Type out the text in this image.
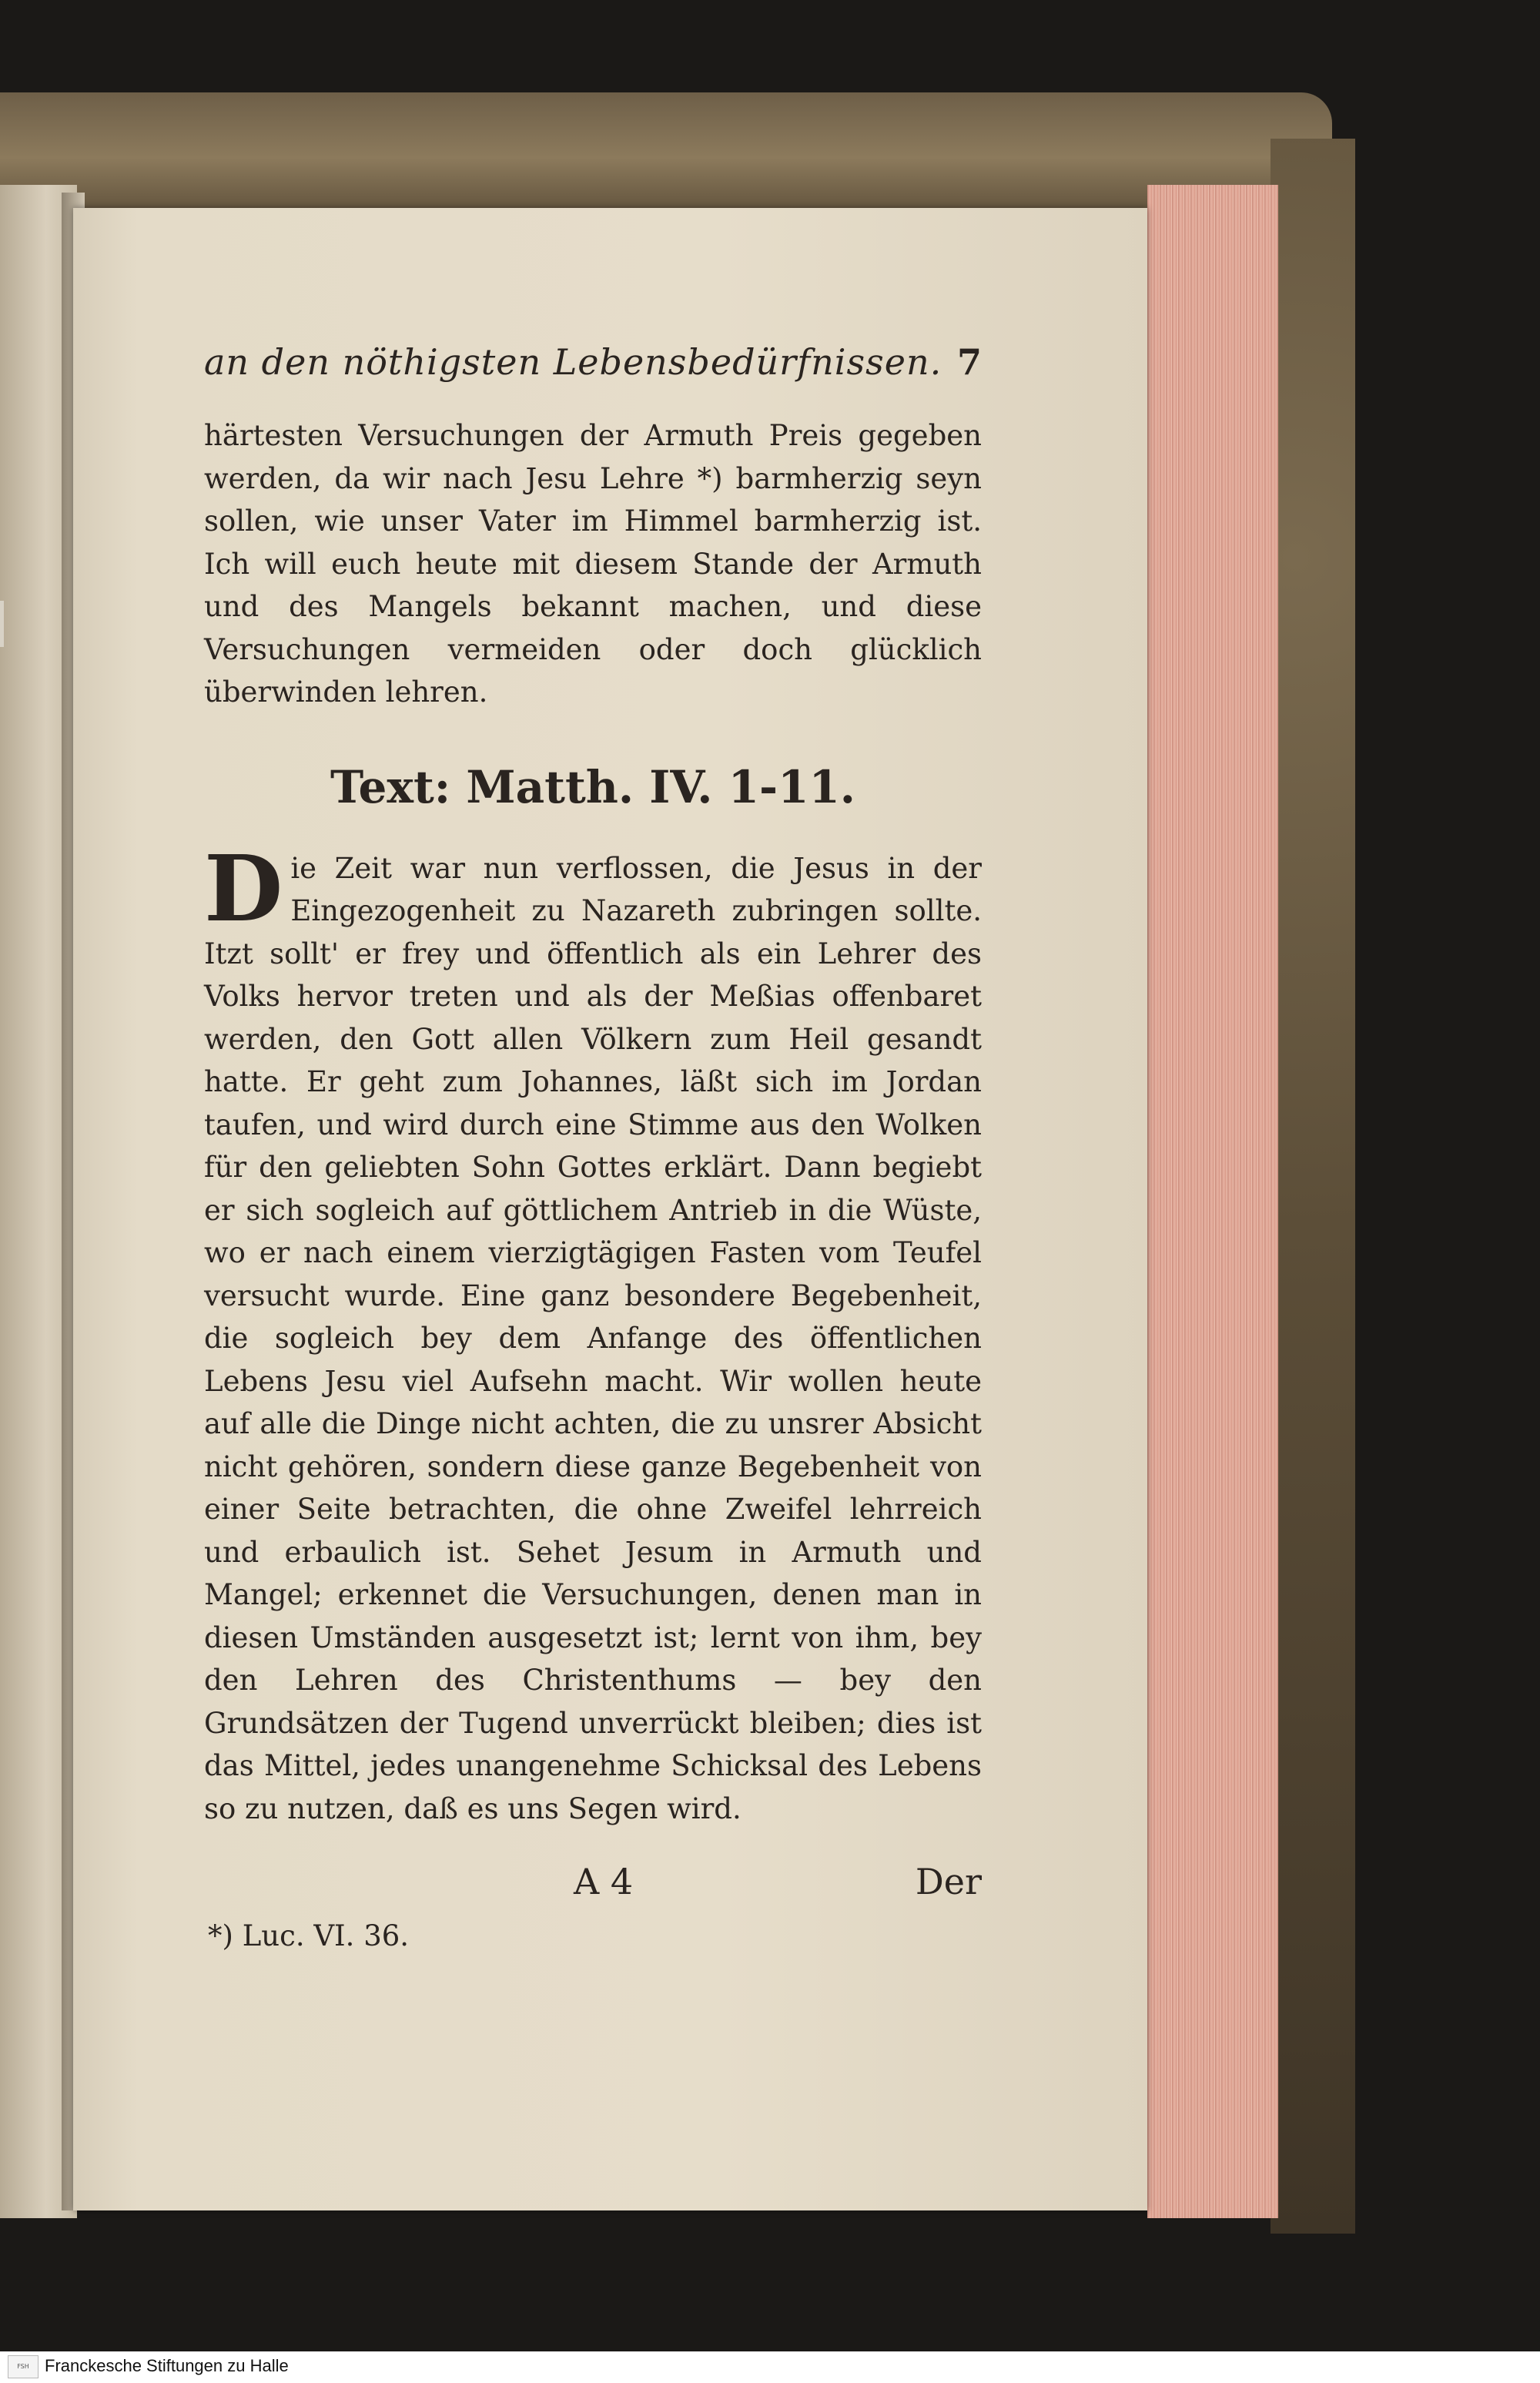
an den nöthigsten Lebensbedürfnissen. 7

härtesten Versuchungen der Armuth Preis gegeben werden, da wir nach Jesu Lehre *) barmherzig seyn sollen, wie unser Vater im Himmel barmherzig ist. Ich will euch heute mit diesem Stande der Armuth und des Mangels bekannt machen, und diese Versuchungen vermeiden oder doch glücklich überwinden lehren.

Text: Matth. IV. 1-11.

D ie Zeit war nun verflossen, die Jesus in der Eingezogenheit zu Nazareth zubringen sollte. Itzt sollt' er frey und öffentlich als ein Lehrer des Volks hervor treten und als der Meßias offenbaret werden, den Gott allen Völkern zum Heil gesandt hatte. Er geht zum Johannes, läßt sich im Jordan taufen, und wird durch eine Stimme aus den Wolken für den geliebten Sohn Gottes erklärt. Dann begiebt er sich sogleich auf göttlichem Antrieb in die Wüste, wo er nach einem vierzigtägigen Fasten vom Teufel versucht wurde. Eine ganz besondere Begebenheit, die sogleich bey dem Anfange des öffentlichen Lebens Jesu viel Aufsehn macht. Wir wollen heute auf alle die Dinge nicht achten, die zu unsrer Absicht nicht gehören, sondern diese ganze Begebenheit von einer Seite betrachten, die ohne Zweifel lehrreich und erbaulich ist. Sehet Jesum in Armuth und Mangel; erkennet die Versuchungen, denen man in diesen Umständen ausgesetzt ist; lernt von ihm, bey den Lehren des Christenthums — bey den Grundsätzen der Tugend unverrückt bleiben; dies ist das Mittel, jedes unangenehme Schicksal des Lebens so zu nutzen, daß es uns Segen wird.

A 4	Der
*) Luc. VI. 36.
FSH Franckesche Stiftungen zu Halle
